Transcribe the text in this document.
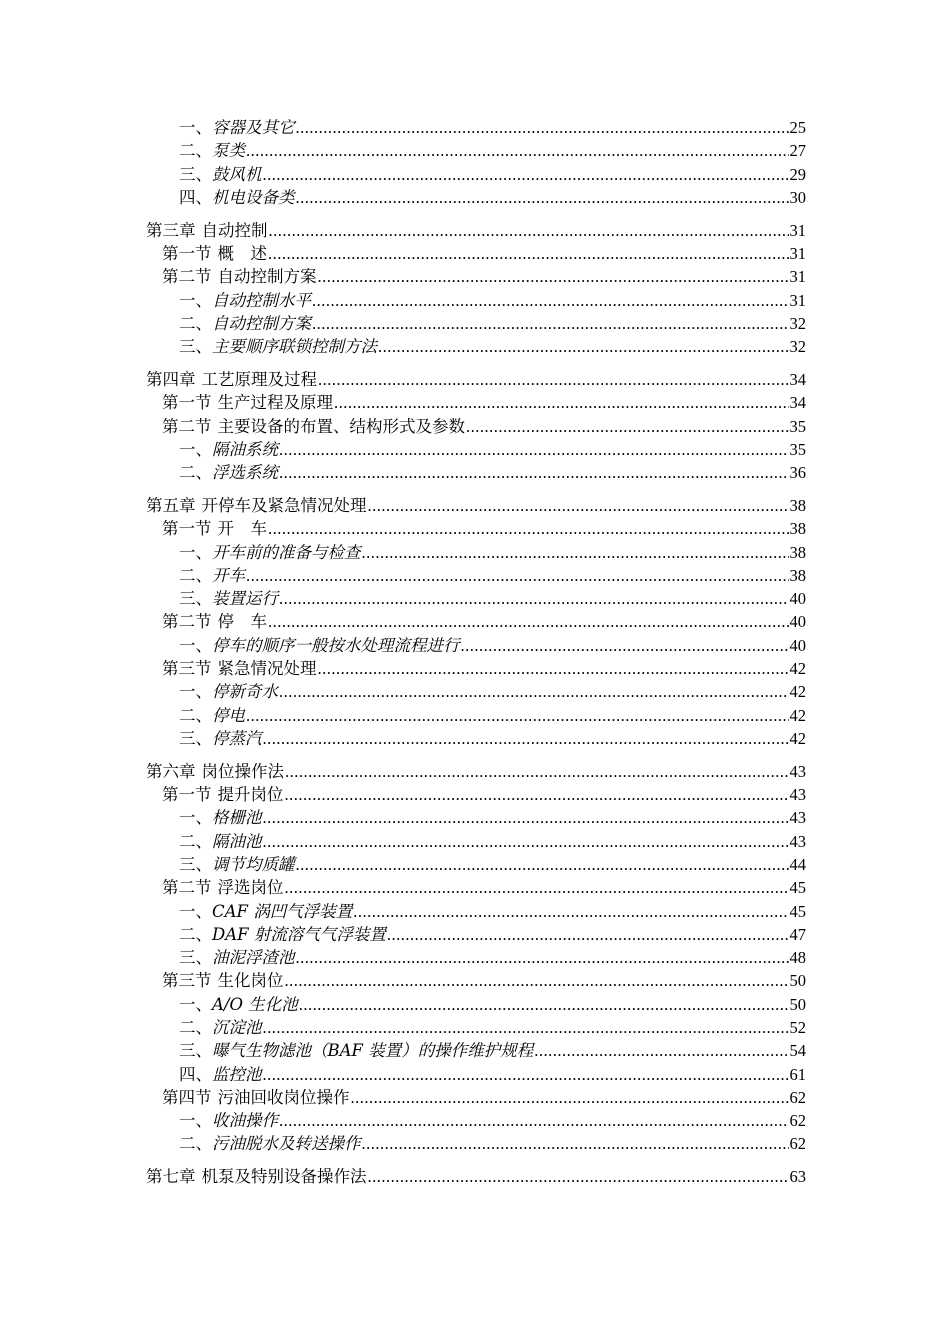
一、 容器及其它 .....	25
二、 泵类 .....	27
三、 鼓风机 .....	29
四、 机电设备类 .....	30
第三章 自动控制 .....	31
第一节 概　述 .....	31
第二节 自动控制方案 .....	31
一、 自动控制水平 .....	31
二、 自动控制方案 .....	32
三、 主要顺序联锁控制方法 .....	32
第四章 工艺原理及过程 .....	34
第一节 生产过程及原理 .....	34
第二节 主要设备的布置、结构形式及参数 .....	35
一、 隔油系统 .....	35
二、 浮选系统 .....	36
第五章 开停车及紧急情况处理 .....	38
第一节 开　车 .....	38
一、 开车前的准备与检查 .....	38
二、 开车 .....	38
三、 装置运行 .....	40
第二节 停　车 .....	40
一、 停车的顺序一般按水处理流程进行 .....	40
第三节 紧急情况处理 .....	42
一、 停新奇水 .....	42
二、 停电 .....	42
三、 停蒸汽 .....	42
第六章 岗位操作法 .....	43
第一节 提升岗位 .....	43
一、 格栅池 .....	43
二、 隔油池 .....	43
三、 调节均质罐 .....	44
第二节 浮选岗位 .....	45
一、 CAF 涡凹气浮装置 .....	45
二、 DAF 射流溶气气浮装置 .....	47
三、 油泥浮渣池 .....	48
第三节 生化岗位 .....	50
一、 A/O 生化池 .....	50
二、 沉淀池 .....	52
三、 曝气生物滤池（BAF 装置）的操作维护规程 .....	54
四、 监控池 .....	61
第四节 污油回收岗位操作 .....	62
一、 收油操作 .....	62
二、 污油脱水及转送操作 .....	62
第七章 机泵及特别设备操作法 .....	63
